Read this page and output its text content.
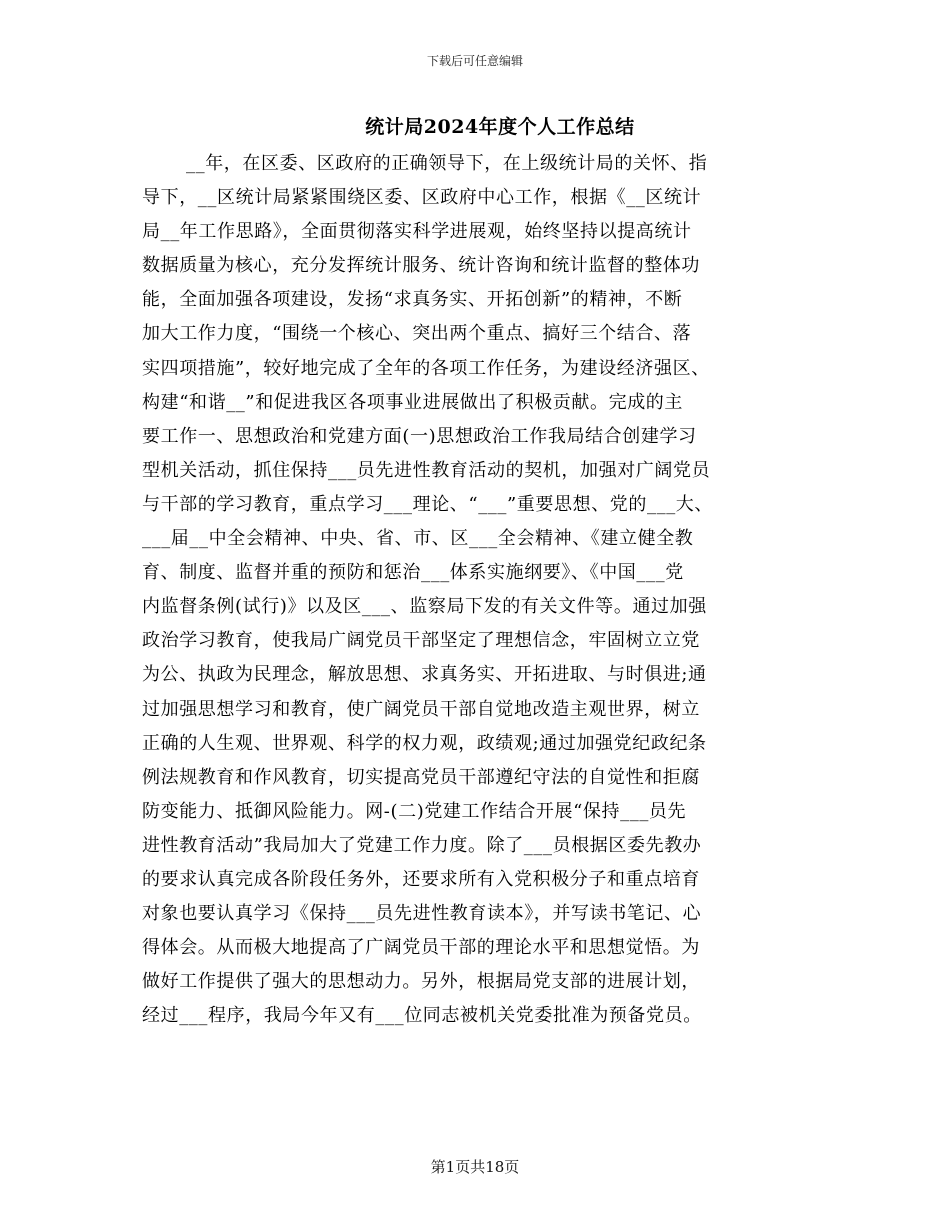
下载后可任意编辑
统计局2024年度个人工作总结
__年，在区委、区政府的正确领导下，在上级统计局的关怀、指
导下，__区统计局紧紧围绕区委、区政府中心工作，根据《__区统计
局__年工作思路》，全面贯彻落实科学进展观，始终坚持以提高统计
数据质量为核心，充分发挥统计服务、统计咨询和统计监督的整体功
能，全面加强各项建设，发扬“求真务实、开拓创新”的精神，不断
加大工作力度，“围绕一个核心、突出两个重点、搞好三个结合、落
实四项措施”，较好地完成了全年的各项工作任务，为建设经济强区、
构建“和谐__”和促进我区各项事业进展做出了积极贡献。完成的主
要工作一、思想政治和党建方面(一)思想政治工作我局结合创建学习
型机关活动，抓住保持___员先进性教育活动的契机，加强对广阔党员
与干部的学习教育，重点学习___理论、“___”重要思想、党的___大、
___届__中全会精神、中央、省、市、区___全会精神、《建立健全教
育、制度、监督并重的预防和惩治___体系实施纲要》、《中国___党
内监督条例(试行)》以及区___、监察局下发的有关文件等。通过加强
政治学习教育，使我局广阔党员干部坚定了理想信念，牢固树立立党
为公、执政为民理念，解放思想、求真务实、开拓进取、与时俱进;通
过加强思想学习和教育，使广阔党员干部自觉地改造主观世界，树立
正确的人生观、世界观、科学的权力观，政绩观;通过加强党纪政纪条
例法规教育和作风教育，切实提高党员干部遵纪守法的自觉性和拒腐
防变能力、抵御风险能力。网-(二)党建工作结合开展“保持___员先
进性教育活动”我局加大了党建工作力度。除了___员根据区委先教办
的要求认真完成各阶段任务外，还要求所有入党积极分子和重点培育
对象也要认真学习《保持___员先进性教育读本》，并写读书笔记、心
得体会。从而极大地提高了广阔党员干部的理论水平和思想觉悟。为
做好工作提供了强大的思想动力。另外，根据局党支部的进展计划，
经过___程序，我局今年又有___位同志被机关党委批准为预备党员。
第1页共18页
